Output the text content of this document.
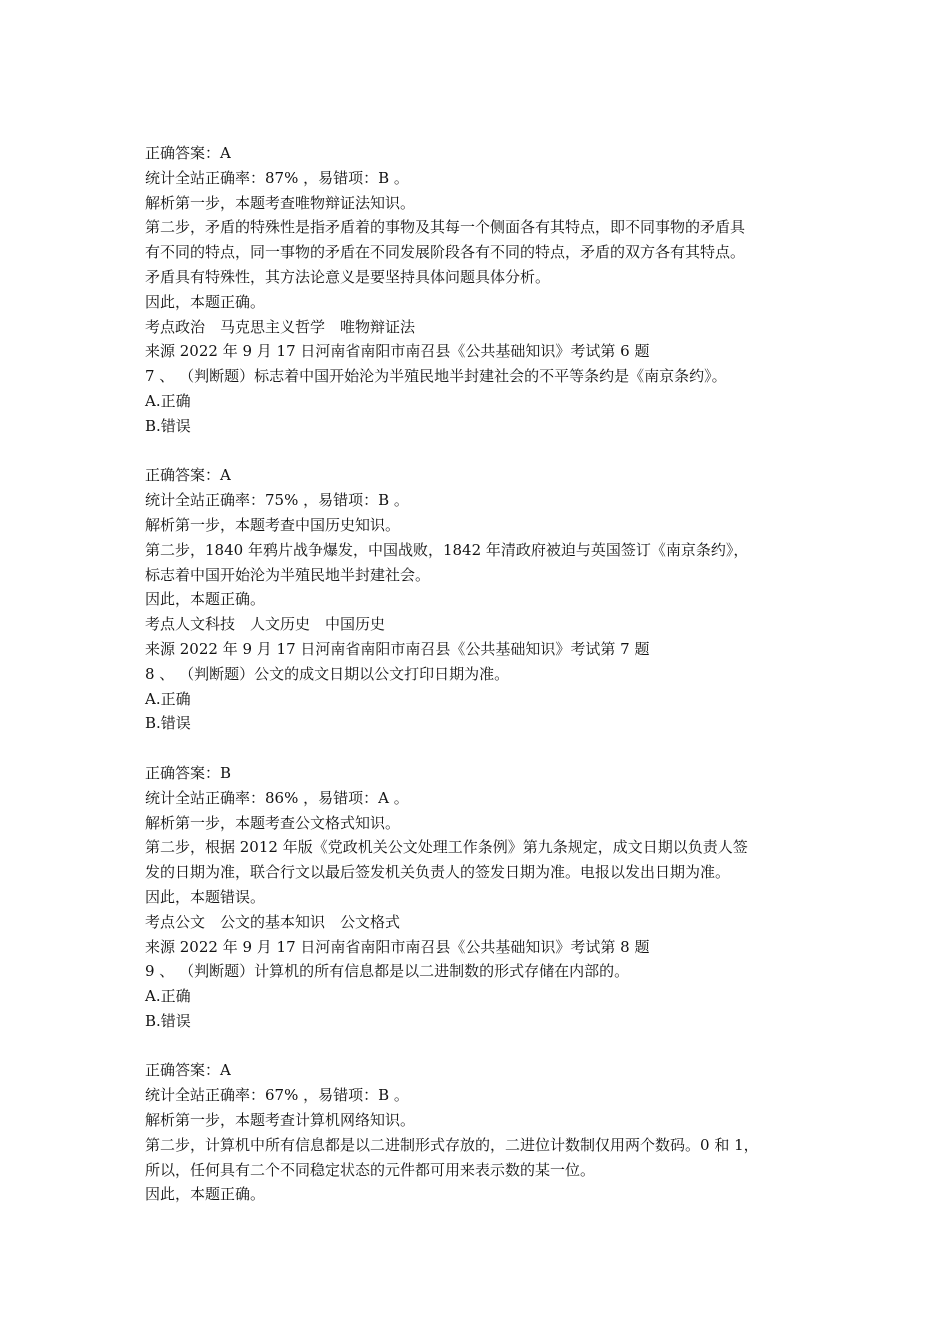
正确答案：A

统计全站正确率：87% ，易错项：B 。

解析第一步，本题考查唯物辩证法知识。

第二步，矛盾的特殊性是指矛盾着的事物及其每一个侧面各有其特点，即不同事物的矛盾具

有不同的特点，同一事物的矛盾在不同发展阶段各有不同的特点，矛盾的双方各有其特点。

矛盾具有特殊性，其方法论意义是要坚持具体问题具体分析。

因此，本题正确。

考点政治　马克思主义哲学　唯物辩证法

来源 2022 年 9 月 17 日河南省南阳市南召县《公共基础知识》考试第 6 题

7 、 （判断题）标志着中国开始沦为半殖民地半封建社会的不平等条约是《南京条约》。

A.正确

B.错误

正确答案：A

统计全站正确率：75% ，易错项：B 。

解析第一步，本题考查中国历史知识。

第二步，1840 年鸦片战争爆发，中国战败，1842 年清政府被迫与英国签订《南京条约》，

标志着中国开始沦为半殖民地半封建社会。

因此，本题正确。

考点人文科技　人文历史　中国历史

来源 2022 年 9 月 17 日河南省南阳市南召县《公共基础知识》考试第 7 题

8 、 （判断题）公文的成文日期以公文打印日期为准。

A.正确

B.错误

正确答案：B

统计全站正确率：86% ，易错项：A 。

解析第一步，本题考查公文格式知识。

第二步，根据 2012 年版《党政机关公文处理工作条例》第九条规定，成文日期以负责人签

发的日期为准，联合行文以最后签发机关负责人的签发日期为准。电报以发出日期为准。

因此，本题错误。

考点公文　公文的基本知识　公文格式

来源 2022 年 9 月 17 日河南省南阳市南召县《公共基础知识》考试第 8 题

9 、 （判断题）计算机的所有信息都是以二进制数的形式存储在内部的。

A.正确

B.错误

正确答案：A

统计全站正确率：67% ，易错项：B 。

解析第一步，本题考查计算机网络知识。

第二步，计算机中所有信息都是以二进制形式存放的，二进位计数制仅用两个数码。0 和 1，

所以，任何具有二个不同稳定状态的元件都可用来表示数的某一位。

因此，本题正确。
